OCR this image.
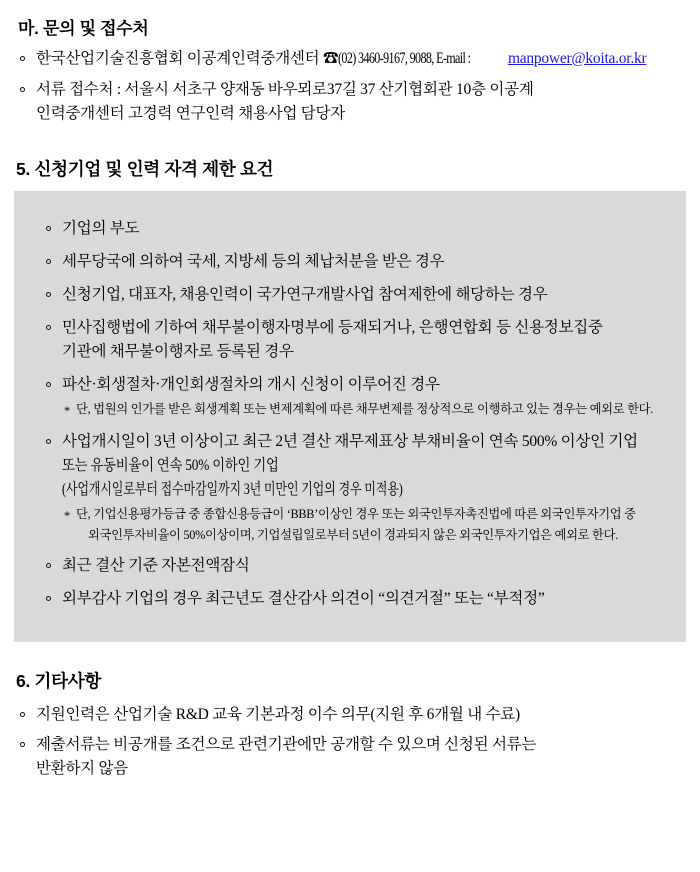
마. 문의 및 접수처
한국산업기술진흥협회 이공계인력중개센터 ☎(02) 3460-9167, 9088, E-mail :manpower@koita.or.kr
서류 접수처 : 서울시 서초구 양재동 바우뫼로37길 37 산기협회관 10층 이공계
인력중개센터 고경력 연구인력 채용사업 담당자
5. 신청기업 및 인력 자격 제한 요건
기업의 부도
세무당국에 의하여 국세, 지방세 등의 체납처분을 받은 경우
신청기업, 대표자, 채용인력이 국가연구개발사업 참여제한에 해당하는 경우
민사집행법에 기하여 채무불이행자명부에 등재되거나, 은행연합회 등 신용정보집중
기관에 채무불이행자로 등록된 경우
파산·회생절차·개인회생절차의 개시 신청이 이루어진 경우
* 단, 법원의 인가를 받은 회생계획 또는 변제계획에 따른 채무변제를 정상적으로 이행하고 있는 경우는 예외로 한다.
사업개시일이 3년 이상이고 최근 2년 결산 재무제표상 부채비율이 연속 500% 이상인 기업
또는 유동비율이 연속 50% 이하인 기업(사업개시일로부터 접수마감일까지 3년 미만인 기업의 경우 미적용)
* 단, 기업신용평가등급 중 종합신용등급이 ‘BBB’이상인 경우 또는 외국인투자촉진법에 따른 외국인투자기업 중
외국인투자비율이 50%이상이며, 기업설립일로부터 5년이 경과되지 않은 외국인투자기업은 예외로 한다.
최근 결산 기준 자본전액잠식
외부감사 기업의 경우 최근년도 결산감사 의견이 “의견거절” 또는 “부적정”
6. 기타사항
지원인력은 산업기술 R&D 교육 기본과정 이수 의무(지원 후 6개월 내 수료)
제출서류는 비공개를 조건으로 관련기관에만 공개할 수 있으며 신청된 서류는
반환하지 않음
